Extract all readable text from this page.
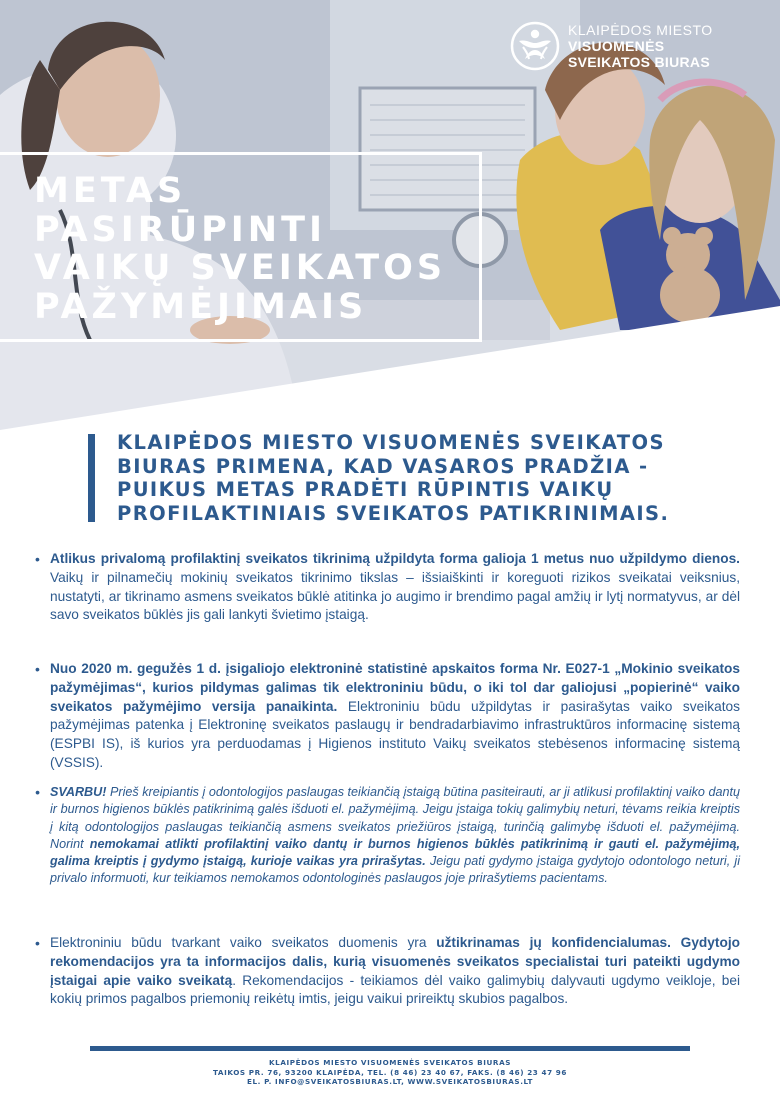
KLAIPĖDOS MIESTO
VISUOMENĖS
SVEIKATOS BIURAS
METAS
PASIRŪPINTI
VAIKŲ SVEIKATOS
PAŽYMĖJIMAIS
KLAIPĖDOS MIESTO VISUOMENĖS SVEIKATOS
BIURAS PRIMENA, KAD VASAROS PRADŽIA -
PUIKUS METAS PRADĖTI RŪPINTIS VAIKŲ
PROFILAKTINIAIS SVEIKATOS PATIKRINIMAIS.
• Atlikus privalomą profilaktinį sveikatos tikrinimą užpildyta forma galioja 1 metus nuo užpildymo dienos. Vaikų ir pilnamečių mokinių sveikatos tikrinimo tikslas – išsiaiškinti ir koreguoti rizikos sveikatai veiksnius, nustatyti, ar tikrinamo asmens sveikatos būklė atitinka jo augimo ir brendimo pagal amžių ir lytį normatyvus, ar dėl savo sveikatos būklės jis gali lankyti švietimo įstaigą.
• Nuo 2020 m. gegužės 1 d. įsigaliojo elektroninė statistinė apskaitos forma Nr. E027-1 „Mokinio sveikatos pažymėjimas“, kurios pildymas galimas tik elektroniniu būdu, o iki tol dar galiojusi „popierinė“ vaiko sveikatos pažymėjimo versija panaikinta. Elektroniniu būdu užpildytas ir pasirašytas vaiko sveikatos pažymėjimas patenka į Elektroninę sveikatos paslaugų ir bendradarbiavimo infrastruktūros informacinę sistemą (ESPBI IS), iš kurios yra perduodamas į Higienos instituto Vaikų sveikatos stebėsenos informacinę sistemą (VSSIS).
• SVARBU! Prieš kreipiantis į odontologijos paslaugas teikiančią įstaigą būtina pasiteirauti, ar ji atlikusi profilaktinį vaiko dantų ir burnos higienos būklės patikrinimą galės išduoti el. pažymėjimą. Jeigu įstaiga tokių galimybių neturi, tėvams reikia kreiptis į kitą odontologijos paslaugas teikiančią asmens sveikatos priežiūros įstaigą, turinčią galimybę išduoti el. pažymėjimą. Norint nemokamai atlikti profilaktinį vaiko dantų ir burnos higienos būklės patikrinimą ir gauti el. pažymėjimą, galima kreiptis į gydymo įstaigą, kurioje vaikas yra prirašytas. Jeigu pati gydymo įstaiga gydytojo odontologo neturi, ji privalo informuoti, kur teikiamos nemokamos odontologinės paslaugos joje prirašytiems pacientams.
• Elektroniniu būdu tvarkant vaiko sveikatos duomenis yra užtikrinamas jų konfidencialumas. Gydytojo rekomendacijos yra ta informacijos dalis, kurią visuomenės sveikatos specialistai turi pateikti ugdymo įstaigai apie vaiko sveikatą. Rekomendacijos - teikiamos dėl vaiko galimybių dalyvauti ugdymo veikloje, bei kokių primos pagalbos priemonių reikėtų imtis, jeigu vaikui prireiktų skubios pagalbos.
KLAIPĖDOS MIESTO VISUOMENĖS SVEIKATOS BIURAS
TAIKOS PR. 76, 93200 KLAIPĖDA, TEL. (8 46) 23 40 67, FAKS. (8 46) 23 47 96
EL. P. INFO@SVEIKATOSBIURAS.LT, WWW.SVEIKATOSBIURAS.LT
